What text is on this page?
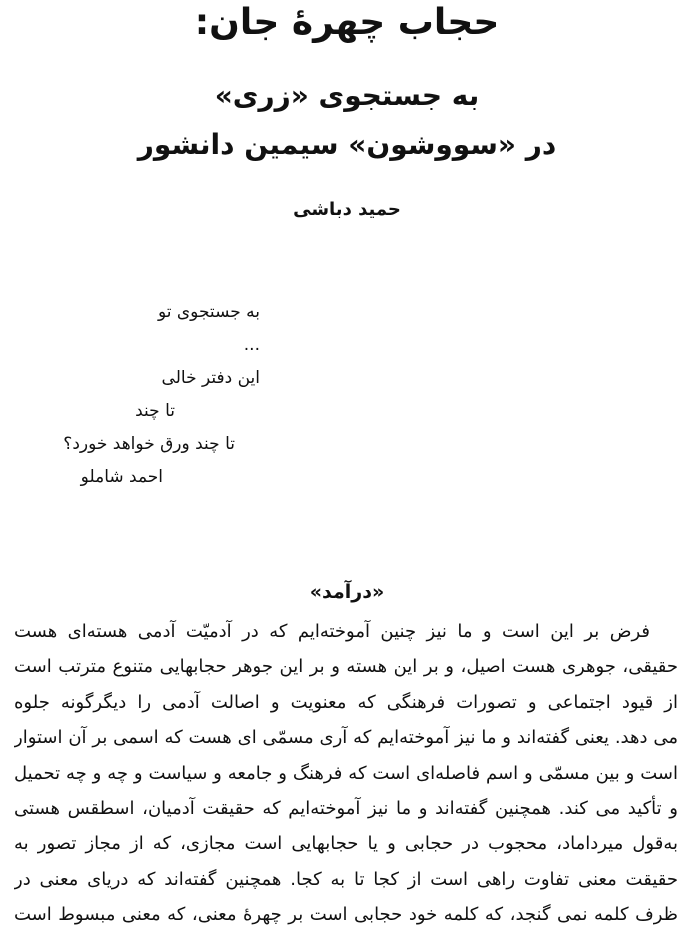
حجاب چهرهٔ جان:
به جستجوی «زری»
در «سووشون» سیمین دانشور
حمید دباشی
به جستجوی تو
...
این دفتر خالی
تا چند
تا چند ورق خواهد خورد؟
احمد شاملو
«درآمد»
فرض بر این است و ما نیز چنین آموخته‌ایم که در آدمیّت آدمی هسته‌ای هست
حقیقی، جوهری هست اصیل، و بر این هسته و بر این جوهر حجابهایی متنوع مترتب است
از قیود اجتماعی و تصورات فرهنگی که معنویت و اصالت آدمی را دیگرگونه جلوه
می دهد. یعنی گفته‌اند و ما نیز آموخته‌ایم که آری مسمّی ای هست که اسمی بر آن استوار
است و بین مسمّی و اسم فاصله‌ای است که فرهنگ و جامعه و سیاست و چه و چه تحمیل
و تأکید می کند. همچنین گفته‌اند و ما نیز آموخته‌ایم که حقیقت آدمیان، اسطقس هستی
به‌قول میرداماد، محجوب در حجابی و یا حجابهایی است مجازی، که از مجاز تصور به
حقیقت معنی تفاوت راهی است از کجا تا به کجا. همچنین گفته‌اند که دریای معنی در
ظرف کلمه نمی گنجد، که کلمه خود حجابی است بر چهرهٔ معنی، که معنی مبسوط است
